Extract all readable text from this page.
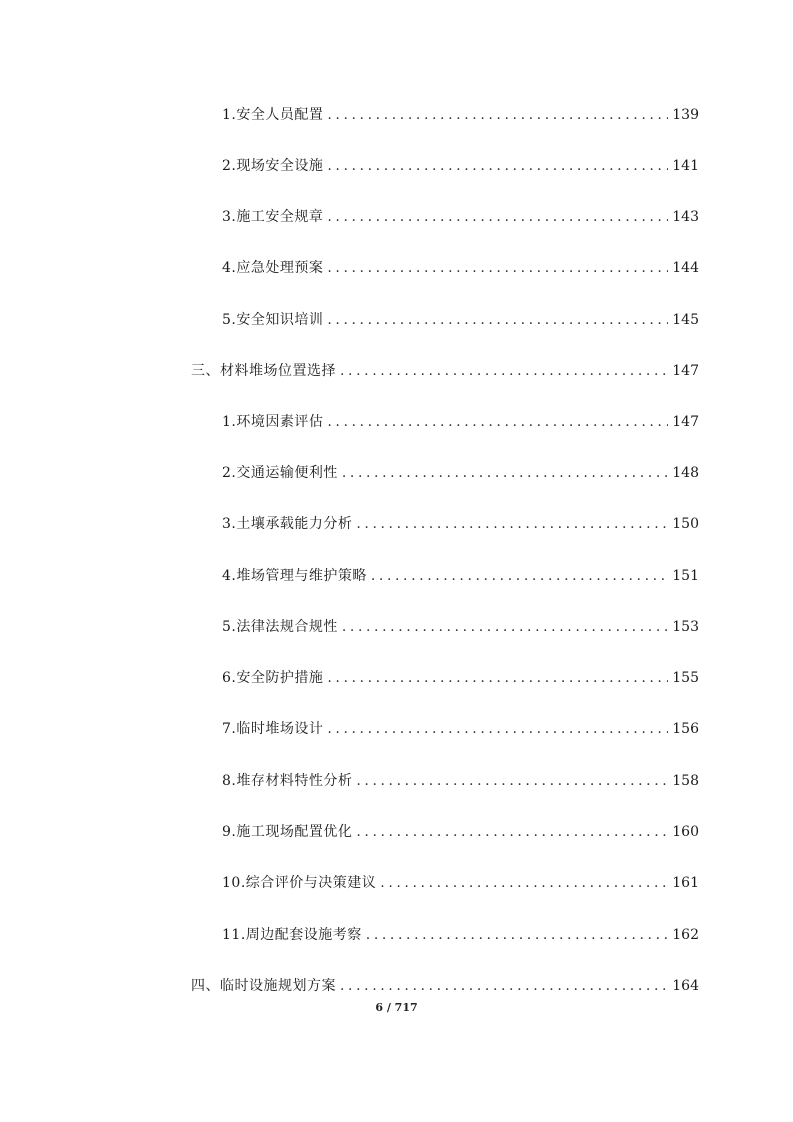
1.安全人员配置 .....	139
2.现场安全设施 .....	141
3.施工安全规章 .....	143
4.应急处理预案 .....	144
5.安全知识培训 .....	145
三、材料堆场位置选择 .....	147
1.环境因素评估 .....	147
2.交通运输便利性 .....	148
3.土壤承载能力分析 .....	150
4.堆场管理与维护策略 .....	151
5.法律法规合规性 .....	153
6.安全防护措施 .....	155
7.临时堆场设计 .....	156
8.堆存材料特性分析 .....	158
9.施工现场配置优化 .....	160
10.综合评价与决策建议 .....	161
11.周边配套设施考察 .....	162
四、临时设施规划方案 .....	164
6 / 717
